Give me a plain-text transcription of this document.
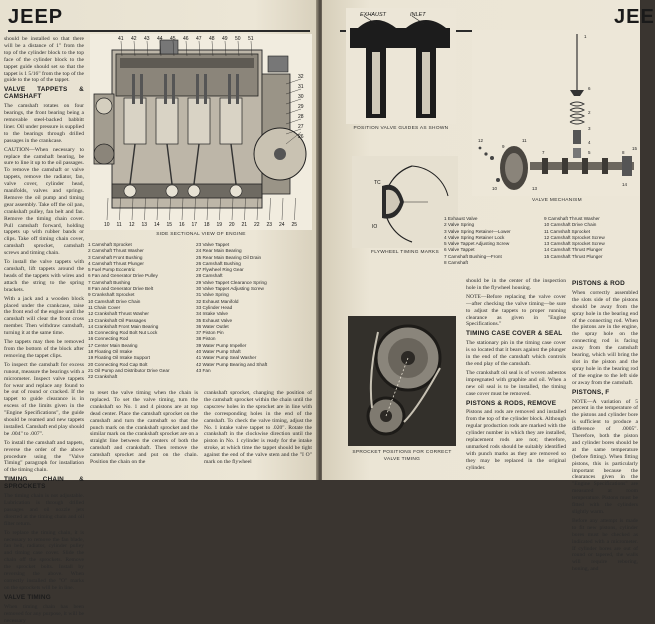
JEEP

should be installed so that there will be a distance of 1" from the top of the cylinder block to the top face of the cylinder block to the tappet guide should set so that the tappet is 1 5/16" from the top of the guide to the top of the tappet.

VALVE TAPPETS & CAMSHAFT

The camshaft rotates on four bearings, the front bearing being a removable steel-backed babbitt liner. Oil under pressure is supplied to the bearings through drilled passages in the crankcase.

CAUTION—When necessary to replace the camshaft bearing, be sure to line it up to the oil passages. To remove the camshaft or valve tappets, remove the radiator, fan, valve cover, cylinder head, manifolds, valves and springs. Remove the oil pump and timing gear assembly. Take off the oil pan, crankshaft pulley, fan belt and fan. Remove the timing chain cover. Pull camshaft forward, holding tappets up with rubber bands or clips. Take off timing chain cover, camshaft sprocket, camshaft screws and timing chain.

To install the valve tappets with camshaft, lift tappets around the heads of the tappets with wires and attach the string to the spring brackets.

With a jack and a wooden block placed under the crankcase, raise the front end of the engine until the camshaft will clear the front cross member. Then withdraw camshaft, turning it at the same time.

The tappets may then be removed from the bottom of the block after removing the tappet clips.

To inspect the camshaft for excess runout, measure the bearings with a micrometer. Inspect valve tappets for wear and replace any found to be out of round or cracked. If the tappet to guide clearance is in excess of the limits given in the "Engine Specifications", the guide should be reamed and new tappets installed. Camshaft end play should be .004" to .007".

To install the camshaft and tappets, reverse the order of the above procedure using the "Valve Timing" paragraph for installation of the timing chain.

TIMING CHAIN & SPROCKETS

The timing chain is not adjustable. Lubrication is through drilled passages and oil nozzle jets directed at the timing chain and oil filter return.

To replace the timing chain, it is necessary to remove the fan blade, fan belt, radiator, cylinder pulley and timing case cover. Slide the chain off the sprockets. Remove the sprocket bolts. Install by reversing the above. When correctly installed the "O" marks on the sprockets will be in line.

VALVE TIMING

When timing chain has been removed for any purpose, it will be necessary

41 42 43 44 45 46 47 48 49 50 51
10 11 12 13 14 15 16 17 18 19 20 21 22 23 24 25
32
31
30
29
28
27
26
SIDE SECTIONAL VIEW OF ENGINE
1 Camshaft Sprocket
2 Camshaft Thrust Washer
3 Camshaft Front Bushing
4 Camshaft Thrust Plunger
5 Fuel Pump Eccentric
6 Fan and Generator Drive Pulley
7 Camshaft Bushing
8 Fan and Generator Drive Belt
9 Crankshaft Sprocket
10 Camshaft Drive Chain
11 Chain Cover
12 Crankshaft Thrust Washer
13 Crankshaft Oil Passages
14 Crankshaft Front Main Bearing
15 Connecting Rod Bolt Nut Lock
16 Connecting Rod
17 Center Main Bearing
18 Floating Oil Intake
19 Floating Oil Intake Support
20 Connecting Rod Cap Bolt
21 Oil Pump and Distributor Drive Gear
22 Crankshaft
23 Valve Tappet
24 Rear Main Bearing
25 Rear Main Bearing Oil Drain
26 Camshaft Bushing
27 Flywheel Ring Gear
28 Camshaft
29 Valve Tappet Clearance Spring
30 Valve Tappet Adjusting Screw
31 Valve Spring
32 Exhaust Manifold
33 Cylinder Head
34 Intake Valve
35 Exhaust Valve
36 Water Outlet
37 Piston Pin
38 Piston
39 Water Pump Impeller
40 Water Pump Shaft
41 Water Pump Seal Washer
42 Water Pump Bearing and Shaft
43 Fan
to reset the valve timing when the chain is replaced. To set the valve timing, turn the crankshaft so No. 1 and 4 pistons are at top dead center. Place the camshaft sprocket on the camshaft and turn the camshaft so that the punch mark on the crankshaft sprocket and the similar mark on the crankshaft sprocket are on a straight line between the centers of both the camshaft and crankshaft. Then remove the camshaft sprocket and put on the chain. Position the chain on the
crankshaft sprocket, changing the position of the camshaft sprocket within the chain until the capscrew holes in the sprocket are in line with the corresponding holes in the end of the camshaft. To check the valve timing, adjust the No. 1 intake valve tappet to .020". Rotate the crankshaft in the clockwise direction until the piston in No. 1 cylinder is ready for the intake stroke, at which time the tappet should be tight against the end of the valve stem and the "I O" mark on the flywheel
JEE
EXHAUST	INLET
POSITION VALVE GUIDES AS SHOWN
1
2
3
4
5
6
7	8
9
10
11
12
13
14
15
VALVE MECHANISM
TC
IO
FLYWHEEL TIMING MARKS
1 Exhaust Valve
2 Valve Spring
3 Valve Spring Retainer—Lower
4 Valve Spring Retainer Lock
5 Valve Tappet Adjusting Screw
6 Valve Tappet
7 Camshaft Bushing—Front
8 Camshaft
9 Camshaft Thrust Washer
10 Camshaft Drive Chain
11 Camshaft Sprocket
12 Camshaft Sprocket Screw
13 Camshaft Sprocket Screw
14 Camshaft Thrust Plunger
15 Camshaft Thrust Plunger
SPROCKET POSITIONS FOR CORRECT
VALVE TIMING

should be in the center of the inspection hole in the flywheel housing.

NOTE—Before replacing the valve cover —after checking the valve timing—be sure to adjust the tappets to proper running clearance as given in "Engine Specifications."

TIMING CASE COVER & SEAL

The stationary pin in the timing case cover is so located that it bears against the plunger in the end of the camshaft which controls the end play of the camshaft.

The crankshaft oil seal is of woven asbestos impregnated with graphite and oil. When a new oil seal is to be installed, the timing case cover must be removed.

PISTONS & RODS, REMOVE

Pistons and rods are removed and installed from the top of the cylinder block. Although regular production rods are marked with the cylinder number in which they are installed, replacement rods are not; therefore, unmarked rods should be suitably identified with punch marks as they are removed so they may be replaced in the original cylinder.

PISTONS & ROD

When correctly assembled the slots side of the pistons should be away from the spray hole in the bearing end of the connecting rod. When the pistons are in the engine, the spray hole on the connecting rod is facing away from the camshaft bearing, which will bring the slot in the piston and the spray hole in the bearing rod of the engine to the left side or away from the camshaft.

PISTONS, F

NOTE—A variation of 5 percent in the temperature of the pistons and cylinder bore is sufficient to produce a difference of .0005". Therefore, both the piston and cylinder bores should be at the same temperature (before fitting). When fitting pistons, this is particularly important because the clearances given in the "Engine Specifications" are measured at room temperature. Pistons must be fitted with the cylinders slightly warm.

Before any attempt is made to fit new pistons, cylinder bores must be checked as indicated with a micrometer. If cylinder bores are out of round or tapered, the walls will require reboring, honing, and
